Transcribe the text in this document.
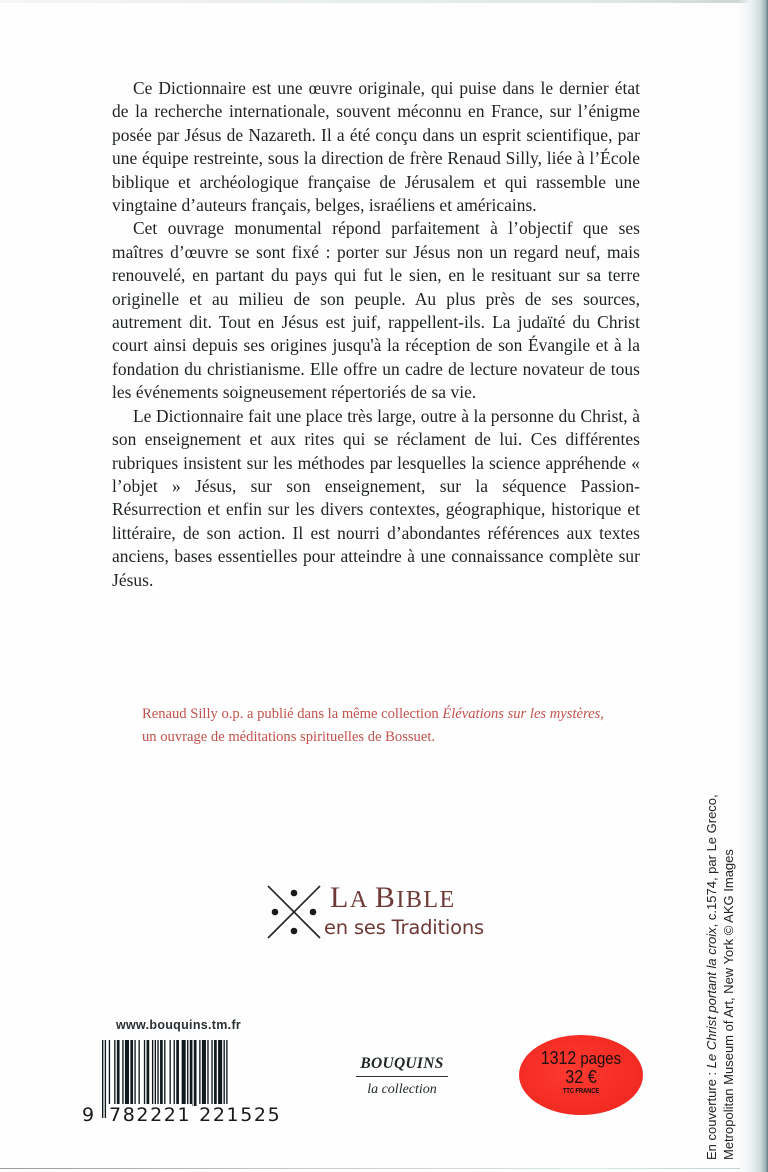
Ce Dictionnaire est une œuvre originale, qui puise dans le dernier état de la recherche internationale, souvent méconnu en France, sur l’énigme posée par Jésus de Nazareth. Il a été conçu dans un esprit scientifique, par une équipe restreinte, sous la direction de frère Renaud Silly, liée à l’École biblique et archéologique française de Jérusalem et qui rassemble une vingtaine d’auteurs français, belges, israéliens et américains.

Cet ouvrage monumental répond parfaitement à l’objectif que ses maîtres d’œuvre se sont fixé : porter sur Jésus non un regard neuf, mais renouvelé, en partant du pays qui fut le sien, en le resituant sur sa terre originelle et au milieu de son peuple. Au plus près de ses sources, autrement dit. Tout en Jésus est juif, rappellent-ils. La judaïté du Christ court ainsi depuis ses origines jusqu'à la réception de son Évangile et à la fondation du christianisme. Elle offre un cadre de lecture novateur de tous les événements soigneusement répertoriés de sa vie.

Le Dictionnaire fait une place très large, outre à la personne du Christ, à son enseignement et aux rites qui se réclament de lui. Ces différentes rubriques insistent sur les méthodes par lesquelles la science appréhende « l’objet » Jésus, sur son enseignement, sur la séquence Passion-Résurrection et enfin sur les divers contextes, géographique, historique et littéraire, de son action. Il est nourri d’abondantes références aux textes anciens, bases essentielles pour atteindre à une connaissance complète sur Jésus.

Renaud Silly o.p. a publié dans la même collection Élévations sur les mystères,
un ouvrage de méditations spirituelles de Bossuet.
LA BIBLE
en ses Traditions
www.bouquins.tm.fr
9 782221 221525
BOUQUINS
la collection
1312 pages
32 €
TTC FRANCE	En couverture : Le Christ portant la croix, c.1574, par Le Greco, Metropolitan Museum of Art, New York © AKG Images
